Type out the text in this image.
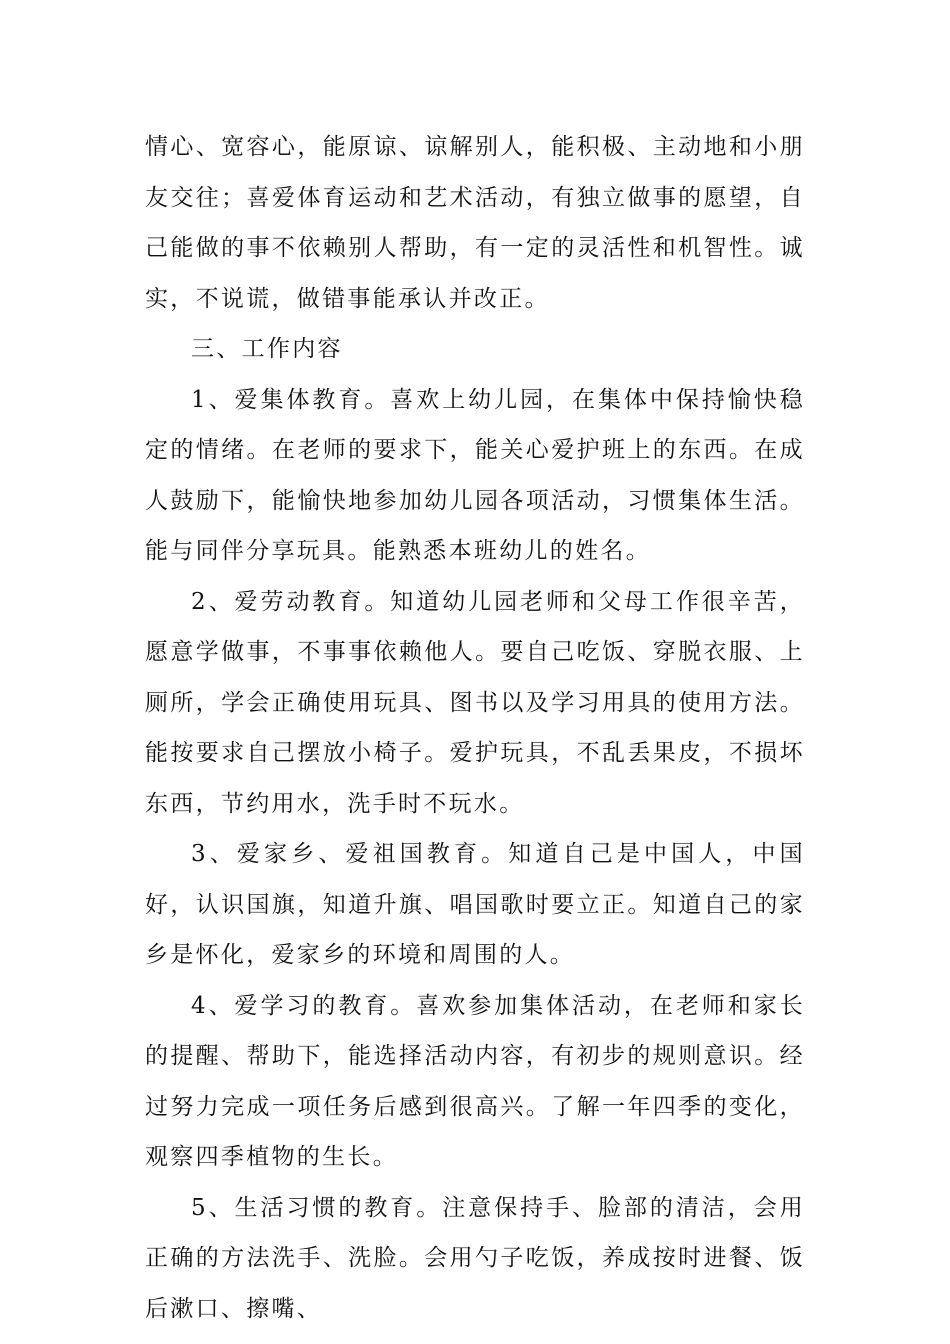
情心、宽容心，能原谅、谅解别人，能积极、主动地和小朋友交往；喜爱体育运动和艺术活动，有独立做事的愿望，自己能做的事不依赖别人帮助，有一定的灵活性和机智性。诚实，不说谎，做错事能承认并改正。

三、工作内容

1、爱集体教育。喜欢上幼儿园，在集体中保持愉快稳定的情绪。在老师的要求下，能关心爱护班上的东西。在成人鼓励下，能愉快地参加幼儿园各项活动，习惯集体生活。能与同伴分享玩具。能熟悉本班幼儿的姓名。

2、爱劳动教育。知道幼儿园老师和父母工作很辛苦，愿意学做事，不事事依赖他人。要自己吃饭、穿脱衣服、上厕所，学会正确使用玩具、图书以及学习用具的使用方法。能按要求自己摆放小椅子。爱护玩具，不乱丢果皮，不损坏东西，节约用水，洗手时不玩水。

3、爱家乡、爱祖国教育。知道自己是中国人，中国好，认识国旗，知道升旗、唱国歌时要立正。知道自己的家乡是怀化，爱家乡的环境和周围的人。

4、爱学习的教育。喜欢参加集体活动，在老师和家长的提醒、帮助下，能选择活动内容，有初步的规则意识。经过努力完成一项任务后感到很高兴。了解一年四季的变化，观察四季植物的生长。

5、生活习惯的教育。注意保持手、脸部的清洁，会用正确的方法洗手、洗脸。会用勺子吃饭，养成按时进餐、饭后漱口、擦嘴、
